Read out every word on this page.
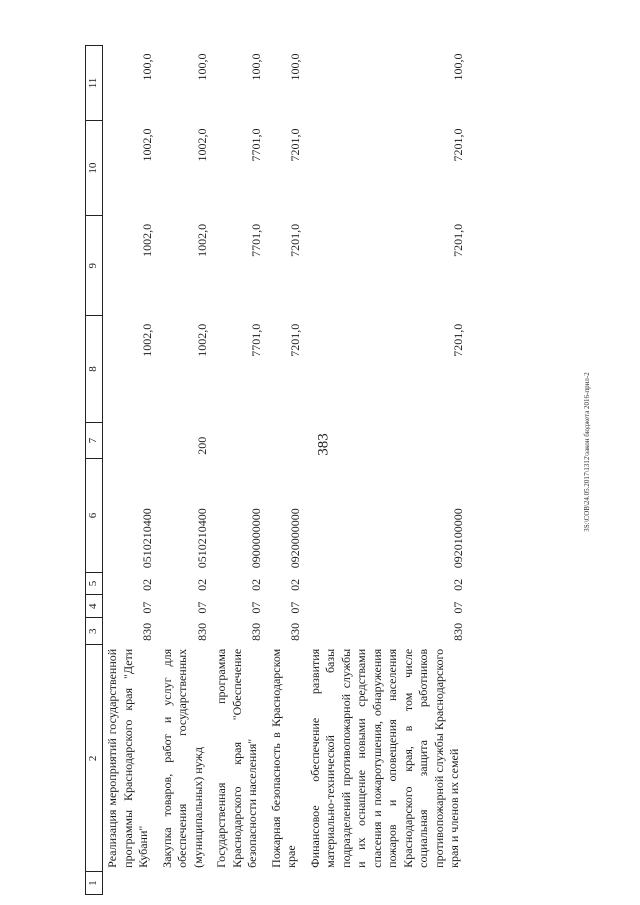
383
1	2	3	4	5	6	7	8	9	10	11
	Реализация мероприятий государственной программы Краснодарского края "Дети Кубани"	830	07	02	0510210400		1002,0	1002,0	1002,0	100,0
	Закупка товаров, работ и услуг для обеспечения государственных (муниципальных) нужд	830	07	02	0510210400	200	1002,0	1002,0	1002,0	100,0
	Государственная программа Краснодарского края "Обеспечение безопасности населения"	830	07	02	0900000000		7701,0	7701,0	7701,0	100,0
	Пожарная безопасность в Краснодарском крае	830	07	02	0920000000		7201,0	7201,0	7201,0	100,0
	Финансовое обеспечение развития материально-технической базы подразделений противопожарной службы и их оснащение новыми средствами спасения и пожаротушения, обнаружения пожаров и оповещения населения Краснодарского края, в том числе социальная защита работников противопожарной службы Краснодарского края и членов их семей	830	07	02	0920100000		7201,0	7201,0	7201,0	100,0
ЗS:\СОВ\24.05.2017\1312\закон бюджета 2016-прил-2
